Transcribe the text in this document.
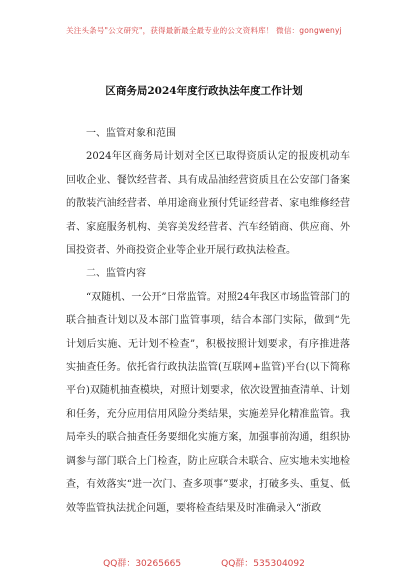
关注头条号"公文研究"，获得最新最全最专业的公文资料库！ 微信：gongwenyj
区商务局2024年度行政执法年度工作计划

一、监管对象和范围

2024年区商务局计划对全区已取得资质认定的报废机动车回收企业、餐饮经营者、具有成品油经营资质且在公安部门备案的散装汽油经营者、单用途商业预付凭证经营者、家电维修经营者、家庭服务机构、美容美发经营者、汽车经销商、供应商、外国投资者、外商投资企业等企业开展行政执法检查。

二、监管内容

“双随机、一公开”日常监管。对照24年我区市场监管部门的联合抽查计划以及本部门监管事项，结合本部门实际，做到“先计划后实施、无计划不检查”，积极按照计划要求，有序推进落实抽查任务。依托省行政执法监管(互联网+监管)平台(以下简称平台)双随机抽查模块，对照计划要求，依次设置抽查清单、计划和任务，充分应用信用风险分类结果，实施差异化精准监管。我局牵头的联合抽查任务要细化实施方案，加强事前沟通，组织协调参与部门联合上门检查，防止应联合未联合、应实地未实地检查，有效落实“进一次门、查多项事”要求，打破多头、重复、低效等监管执法扰企问题，要将检查结果及时准确录入“浙政

QQ群：30265665	QQ群：535304092
